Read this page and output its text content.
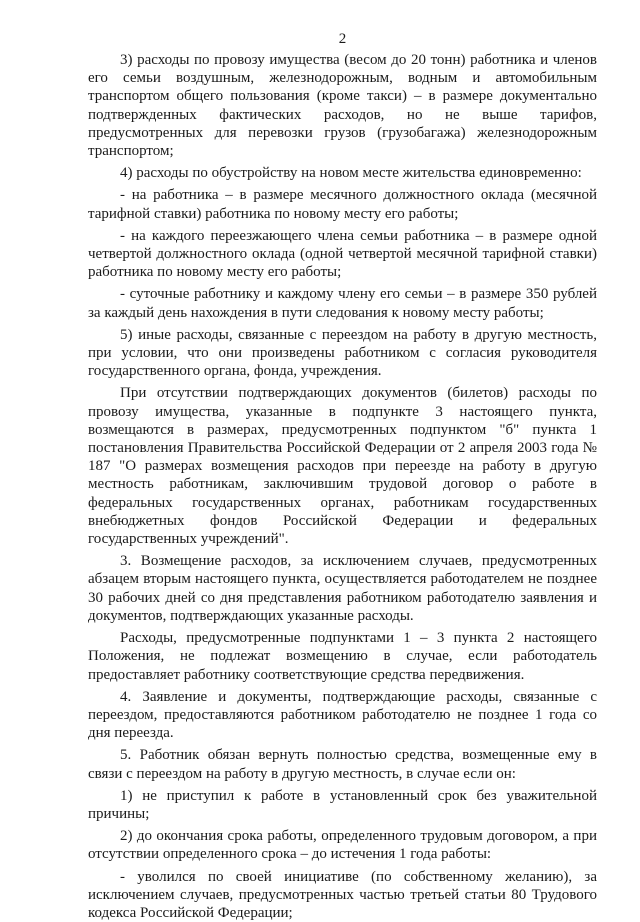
2

3) расходы по провозу имущества (весом до 20 тонн) работника и членов его семьи воздушным, железнодорожным, водным и автомобильным транспортом общего пользования (кроме такси) – в размере документально подтвержденных фактических расходов, но не выше тарифов, предусмотренных для перевозки грузов (грузобагажа) железнодорожным транспортом;

4) расходы по обустройству на новом месте жительства единовременно:

- на работника – в размере месячного должностного оклада (месячной тарифной ставки) работника по новому месту его работы;

- на каждого переезжающего члена семьи работника – в размере одной четвертой должностного оклада (одной четвертой месячной тарифной ставки) работника по новому месту его работы;

- суточные работнику и каждому члену его семьи – в размере 350 рублей за каждый день нахождения в пути следования к новому месту работы;

5) иные расходы, связанные с переездом на работу в другую местность, при условии, что они произведены работником с согласия руководителя государственного органа, фонда, учреждения.

При отсутствии подтверждающих документов (билетов) расходы по провозу имущества, указанные в подпункте 3 настоящего пункта, возмещаются в размерах, предусмотренных подпунктом "б" пункта 1 постановления Правительства Российской Федерации от 2 апреля 2003 года № 187 "О размерах возмещения расходов при переезде на работу в другую местность работникам, заключившим трудовой договор о работе в федеральных государственных органах, работникам государственных внебюджетных фондов Российской Федерации и федеральных государственных учреждений".

3. Возмещение расходов, за исключением случаев, предусмотренных абзацем вторым настоящего пункта, осуществляется работодателем не позднее 30 рабочих дней со дня представления работником работодателю заявления и документов, подтверждающих указанные расходы.

Расходы, предусмотренные подпунктами 1 – 3 пункта 2 настоящего Положения, не подлежат возмещению в случае, если работодатель предоставляет работнику соответствующие средства передвижения.

4. Заявление и документы, подтверждающие расходы, связанные с переездом, предоставляются работником работодателю не позднее 1 года со дня переезда.

5. Работник обязан вернуть полностью средства, возмещенные ему в связи с переездом на работу в другую местность, в случае если он:

1) не приступил к работе в установленный срок без уважительной причины;

2) до окончания срока работы, определенного трудовым договором, а при отсутствии определенного срока – до истечения 1 года работы:

- уволился по своей инициативе (по собственному желанию), за исключением случаев, предусмотренных частью третьей статьи 80 Трудового кодекса Российской Федерации;
